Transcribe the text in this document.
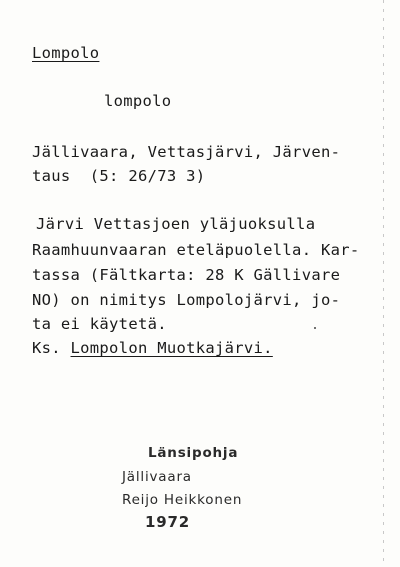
Lompolo
lompolo
Jällivaara, Vettasjärvi, Järven-
taus  (5: 26/73 3)
Järvi Vettasjoen yläjuoksulla
Raamhuunvaaran eteläpuolella. Kar-
tassa (Fältkarta: 28 K Gällivare
NO) on nimitys Lompolojärvi, jo-
ta ei käytetä.
Ks. Lompolon Muotkajärvi.
Länsipohja
Jällivaara
Reijo Heikkonen
1972
